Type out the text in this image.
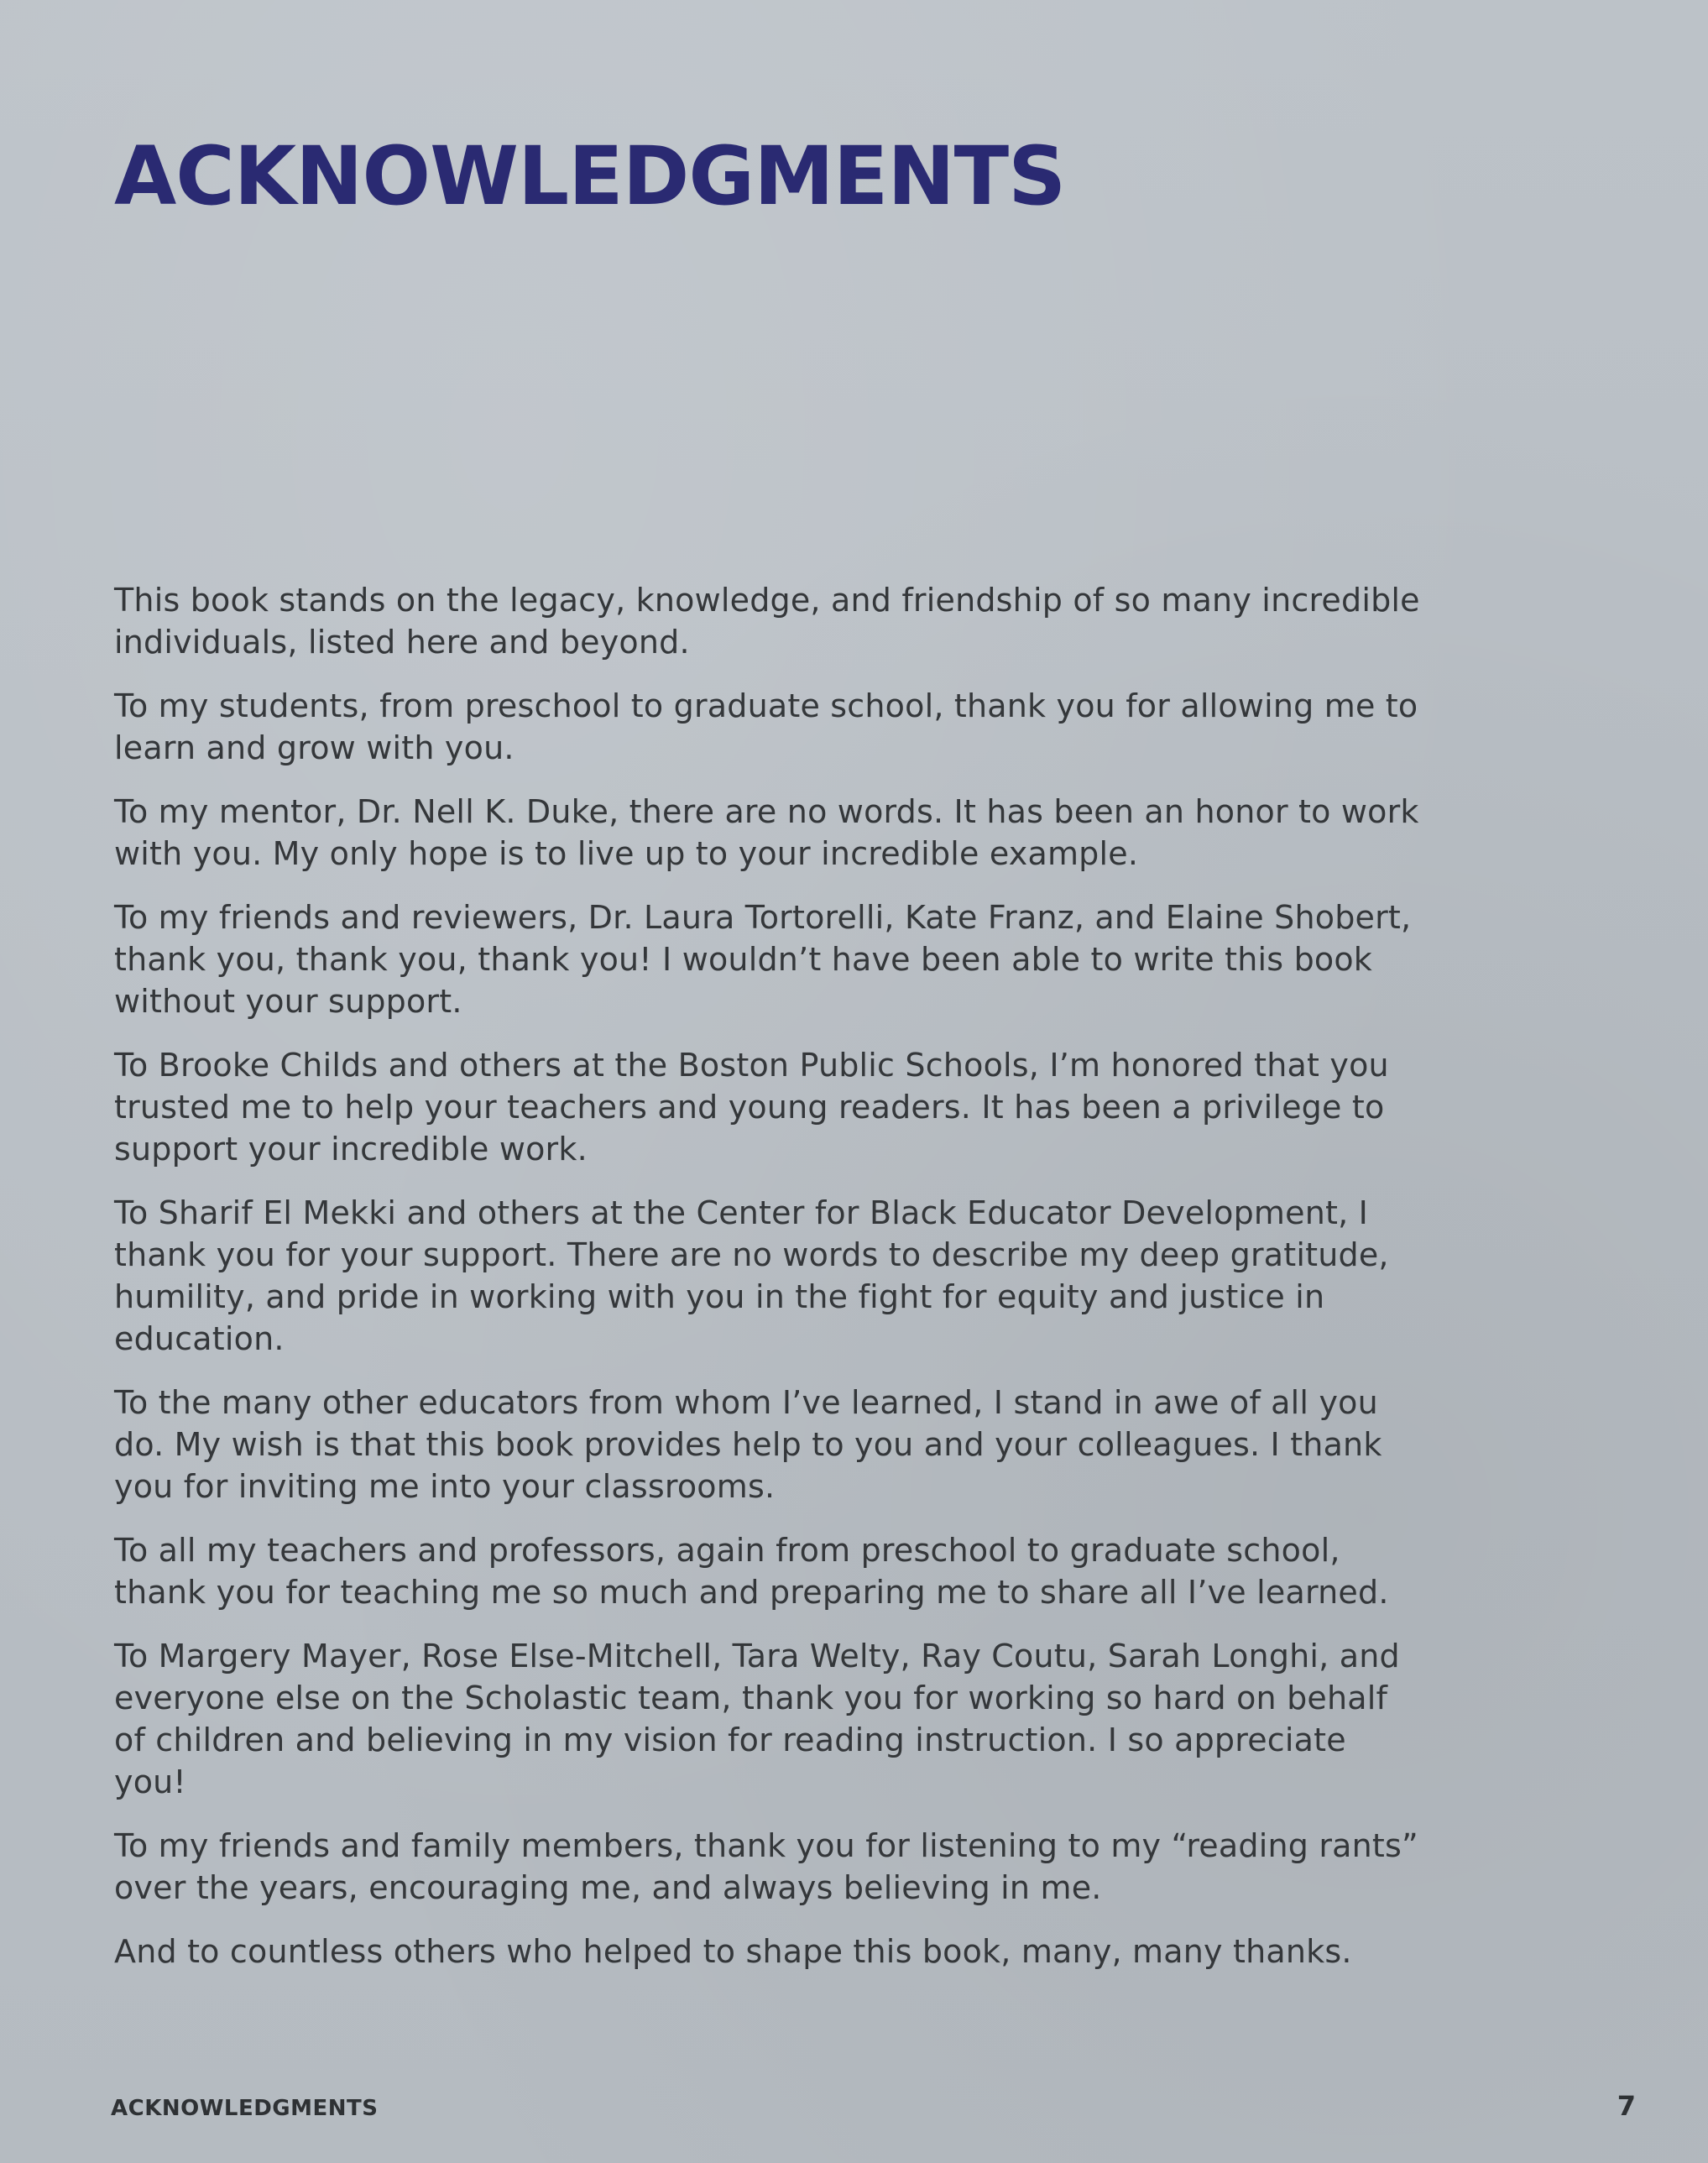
ACKNOWLEDGMENTS

This book stands on the legacy, knowledge, and friendship of so many incredible individuals, listed here and beyond.

To my students, from preschool to graduate school, thank you for allowing me to learn and grow with you.

To my mentor, Dr. Nell K. Duke, there are no words. It has been an honor to work with you. My only hope is to live up to your incredible example.

To my friends and reviewers, Dr. Laura Tortorelli, Kate Franz, and Elaine Shobert, thank you, thank you, thank you! I wouldn’t have been able to write this book without your support.

To Brooke Childs and others at the Boston Public Schools, I’m honored that you trusted me to help your teachers and young readers. It has been a privilege to support your incredible work.

To Sharif El Mekki and others at the Center for Black Educator Development, I thank you for your support. There are no words to describe my deep gratitude, humility, and pride in working with you in the fight for equity and justice in education.

To the many other educators from whom I’ve learned, I stand in awe of all you do. My wish is that this book provides help to you and your colleagues. I thank you for inviting me into your classrooms.

To all my teachers and professors, again from preschool to graduate school, thank you for teaching me so much and preparing me to share all I’ve learned.

To Margery Mayer, Rose Else-Mitchell, Tara Welty, Ray Coutu, Sarah Longhi, and everyone else on the Scholastic team, thank you for working so hard on behalf of children and believing in my vision for reading instruction. I so appreciate you!

To my friends and family members, thank you for listening to my “reading rants” over the years, encouraging me, and always believing in me.

And to countless others who helped to shape this book, many, many thanks.

ACKNOWLEDGMENTS	7
